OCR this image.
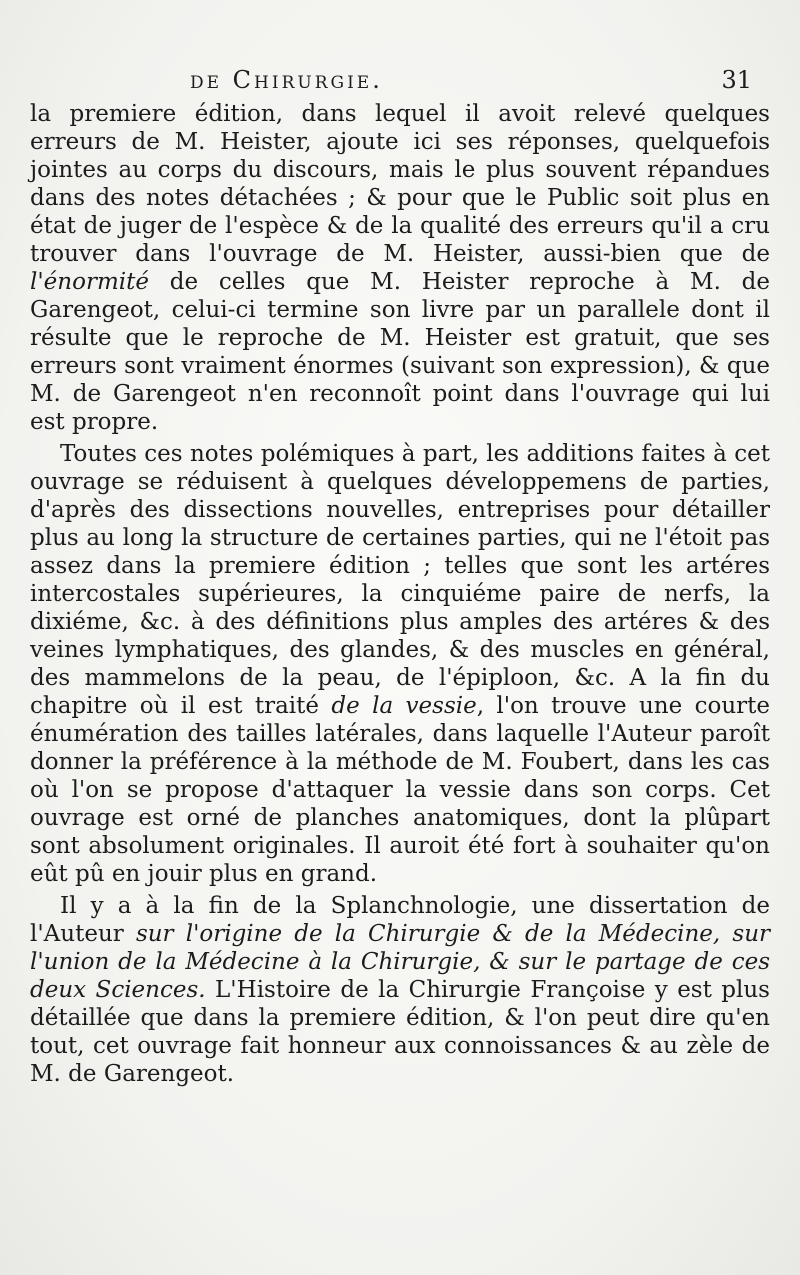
de Chirurgie.	31

la premiere édition, dans lequel il avoit relevé quelques erreurs de M. Heister, ajoute ici ses réponses, quelquefois jointes au corps du discours, mais le plus souvent répandues dans des notes détachées ; & pour que le Public soit plus en état de juger de l'espèce & de la qualité des erreurs qu'il a cru trouver dans l'ouvrage de M. Heister, aussi-bien que de l'énormité de celles que M. Heister reproche à M. de Garengeot, celui-ci termine son livre par un parallele dont il résulte que le reproche de M. Heister est gratuit, que ses erreurs sont vraiment énormes (suivant son expression), & que M. de Garengeot n'en reconnoît point dans l'ouvrage qui lui est propre.

Toutes ces notes polémiques à part, les additions faites à cet ouvrage se réduisent à quelques développemens de parties, d'après des dissections nouvelles, entreprises pour détailler plus au long la structure de certaines parties, qui ne l'étoit pas assez dans la premiere édition ; telles que sont les artéres intercostales supérieures, la cinquiéme paire de nerfs, la dixiéme, &c. à des définitions plus amples des artéres & des veines lymphatiques, des glandes, & des muscles en général, des mammelons de la peau, de l'épiploon, &c. A la fin du chapitre où il est traité de la vessie, l'on trouve une courte énumération des tailles latérales, dans laquelle l'Auteur paroît donner la préférence à la méthode de M. Foubert, dans les cas où l'on se propose d'attaquer la vessie dans son corps. Cet ouvrage est orné de planches anatomiques, dont la plûpart sont absolument originales. Il auroit été fort à souhaiter qu'on eût pû en jouir plus en grand.

Il y a à la fin de la Splanchnologie, une dissertation de l'Auteur sur l'origine de la Chirurgie & de la Médecine, sur l'union de la Médecine à la Chirurgie, & sur le partage de ces deux Sciences. L'Histoire de la Chirurgie Françoise y est plus détaillée que dans la premiere édition, & l'on peut dire qu'en tout, cet ouvrage fait honneur aux connoissances & au zèle de M. de Garengeot.
